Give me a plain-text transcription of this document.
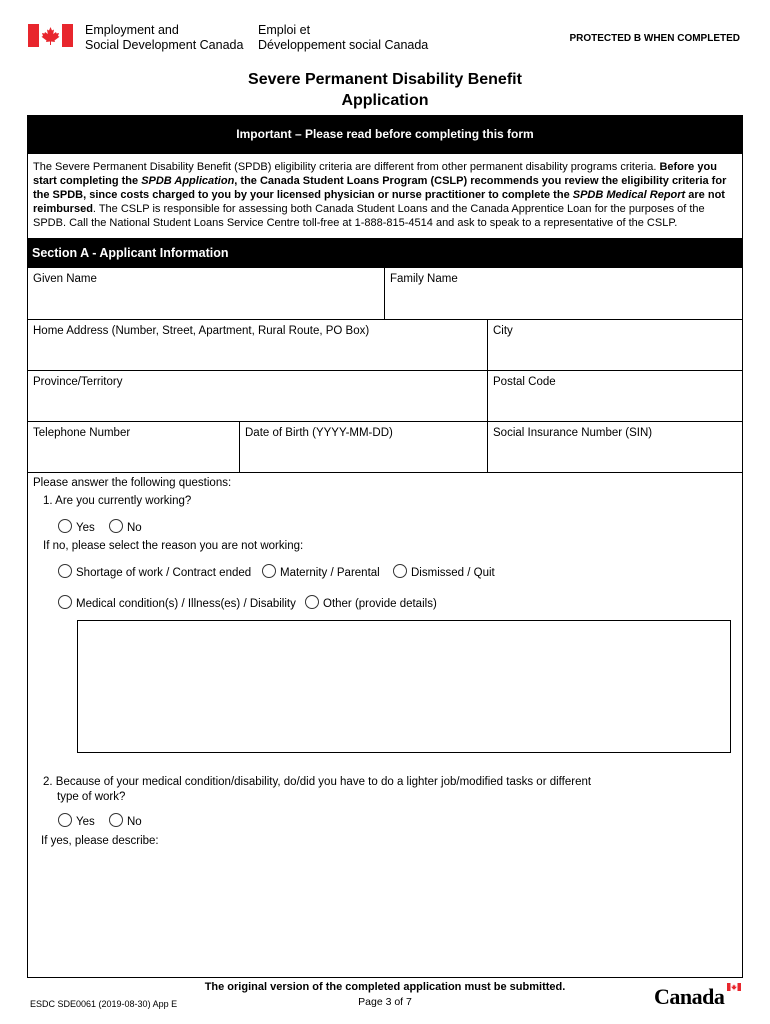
Employment and
Social Development Canada
Emploi et
Développement social Canada	PROTECTED B WHEN COMPLETED
Severe Permanent Disability Benefit
Application
Important – Please read before completing this form
The Severe Permanent Disability Benefit (SPDB) eligibility criteria are different from other permanent disability programs criteria. Before you start completing the SPDB Application, the Canada Student Loans Program (CSLP) recommends you review the eligibility criteria for the SPDB, since costs charged to you by your licensed physician or nurse practitioner to complete the SPDB Medical Report are not reimbursed. The CSLP is responsible for assessing both Canada Student Loans and the Canada Apprentice Loan for the purposes of the SPDB. Call the National Student Loans Service Centre toll-free at 1-888-815-4514 and ask to speak to a representative of the CSLP.
Section A - Applicant Information
Given Name	Family Name
Home Address (Number, Street, Apartment, Rural Route, PO Box)	City
Province/Territory	Postal Code
Telephone Number	Date of Birth (YYYY-MM-DD)	Social Insurance Number (SIN)
Please answer the following questions:
1. Are you currently working?
Yes	No
If no, please select the reason you are not working:
Shortage of work / Contract ended	Maternity / Parental	Dismissed / Quit
Medical condition(s) / Illness(es) / Disability	Other (provide details)
2. Because of your medical condition/disability, do/did you have to do a lighter job/modified tasks or different
type of work?
Yes	No
If yes, please describe:
The original version of the completed application must be submitted.
Page 3 of 7
ESDC SDE0061 (2019-08-30) App E	Canada
